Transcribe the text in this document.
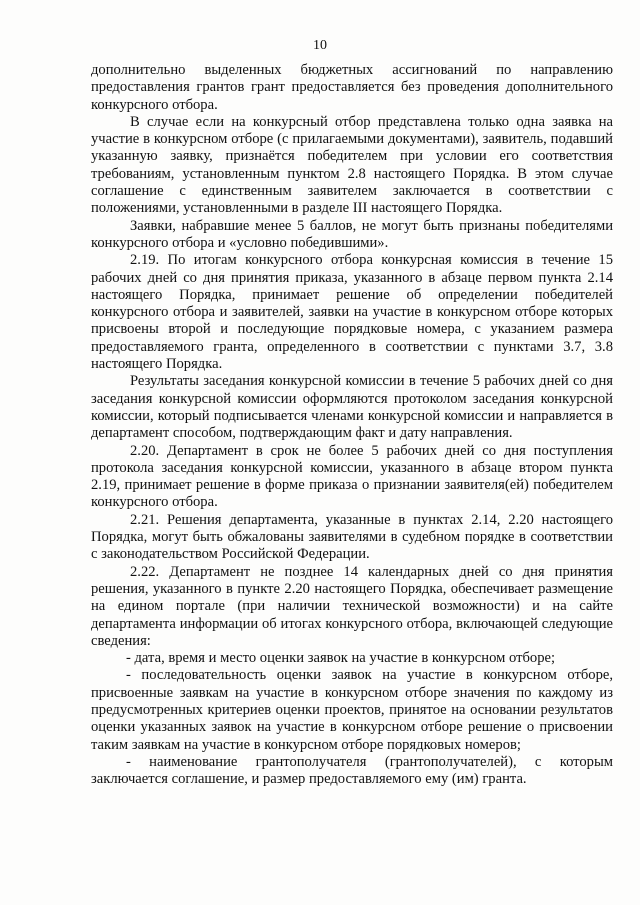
10

дополнительно выделенных бюджетных ассигнований по направлению предоставления грантов грант предоставляется без проведения дополнительного конкурсного отбора.

В случае если на конкурсный отбор представлена только одна заявка на участие в конкурсном отборе (с прилагаемыми документами), заявитель, подавший указанную заявку, признаётся победителем при условии его соответствия требованиям, установленным пунктом 2.8 настоящего Порядка. В этом случае соглашение с единственным заявителем заключается в соответствии с положениями, установленными в разделе III настоящего Порядка.

Заявки, набравшие менее 5 баллов, не могут быть признаны победителями конкурсного отбора и «условно победившими».

2.19. По итогам конкурсного отбора конкурсная комиссия в течение 15 рабочих дней со дня принятия приказа, указанного в абзаце первом пункта 2.14 настоящего Порядка, принимает решение об определении победителей конкурсного отбора и заявителей, заявки на участие в конкурсном отборе которых присвоены второй и последующие порядковые номера, с указанием размера предоставляемого гранта, определенного в соответствии с пунктами 3.7, 3.8 настоящего Порядка.

Результаты заседания конкурсной комиссии в течение 5 рабочих дней со дня заседания конкурсной комиссии оформляются протоколом заседания конкурсной комиссии, который подписывается членами конкурсной комиссии и направляется в департамент способом, подтверждающим факт и дату направления.

2.20. Департамент в срок не более 5 рабочих дней со дня поступления протокола заседания конкурсной комиссии, указанного в абзаце втором пункта 2.19, принимает решение в форме приказа о признании заявителя(ей) победителем конкурсного отбора.

2.21. Решения департамента, указанные в пунктах 2.14, 2.20 настоящего Порядка, могут быть обжалованы заявителями в судебном порядке в соответствии с законодательством Российской Федерации.

2.22. Департамент не позднее 14 календарных дней со дня принятия решения, указанного в пункте 2.20 настоящего Порядка, обеспечивает размещение на едином портале (при наличии технической возможности) и на сайте департамента информации об итогах конкурсного отбора, включающей следующие сведения:

- дата, время и место оценки заявок на участие в конкурсном отборе;

- последовательность оценки заявок на участие в конкурсном отборе, присвоенные заявкам на участие в конкурсном отборе значения по каждому из предусмотренных критериев оценки проектов, принятое на основании результатов оценки указанных заявок на участие в конкурсном отборе решение о присвоении таким заявкам на участие в конкурсном отборе порядковых номеров;

- наименование грантополучателя (грантополучателей), с которым заключается соглашение, и размер предоставляемого ему (им) гранта.
